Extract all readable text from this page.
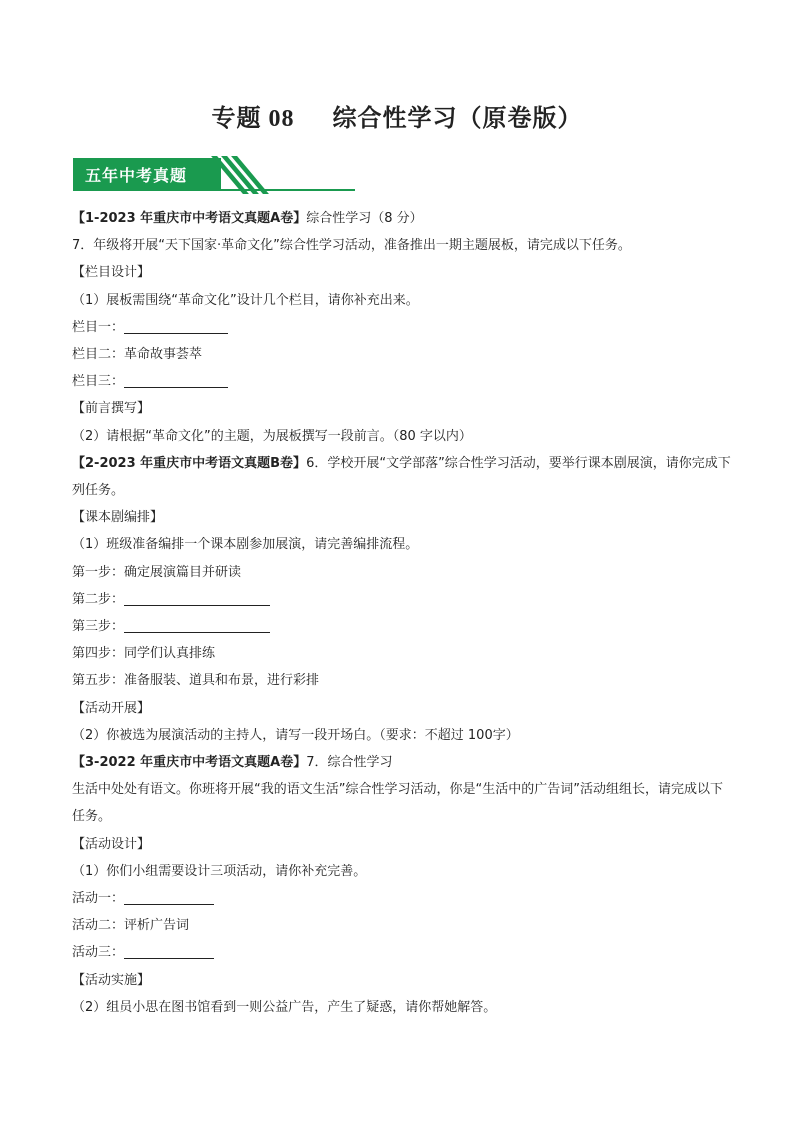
专题 08 综合性学习（原卷版）
五年中考真题
【1-2023 年重庆市中考语文真题A卷】综合性学习（8 分）
7．年级将开展“天下国家·革命文化”综合性学习活动，准备推出一期主题展板，请完成以下任务。
【栏目设计】
（1）展板需围绕“革命文化”设计几个栏目，请你补充出来。
栏目一：
栏目二：革命故事荟萃
栏目三：
【前言撰写】
（2）请根据“革命文化”的主题，为展板撰写一段前言。（80 字以内）
【2-2023 年重庆市中考语文真题B卷】6．学校开展“文学部落”综合性学习活动，要举行课本剧展演，请你完成下列任务。
【课本剧编排】
（1）班级准备编排一个课本剧参加展演，请完善编排流程。
第一步：确定展演篇目并研读
第二步：
第三步：
第四步：同学们认真排练
第五步：准备服装、道具和布景，进行彩排
【活动开展】
（2）你被选为展演活动的主持人，请写一段开场白。（要求：不超过 100字）
【3-2022 年重庆市中考语文真题A卷】7．综合性学习
生活中处处有语文。你班将开展“我的语文生活”综合性学习活动，你是“生活中的广告词”活动组组长，请完成以下任务。
【活动设计】
（1）你们小组需要设计三项活动，请你补充完善。
活动一：
活动二：评析广告词
活动三：
【活动实施】
（2）组员小思在图书馆看到一则公益广告，产生了疑惑，请你帮她解答。
